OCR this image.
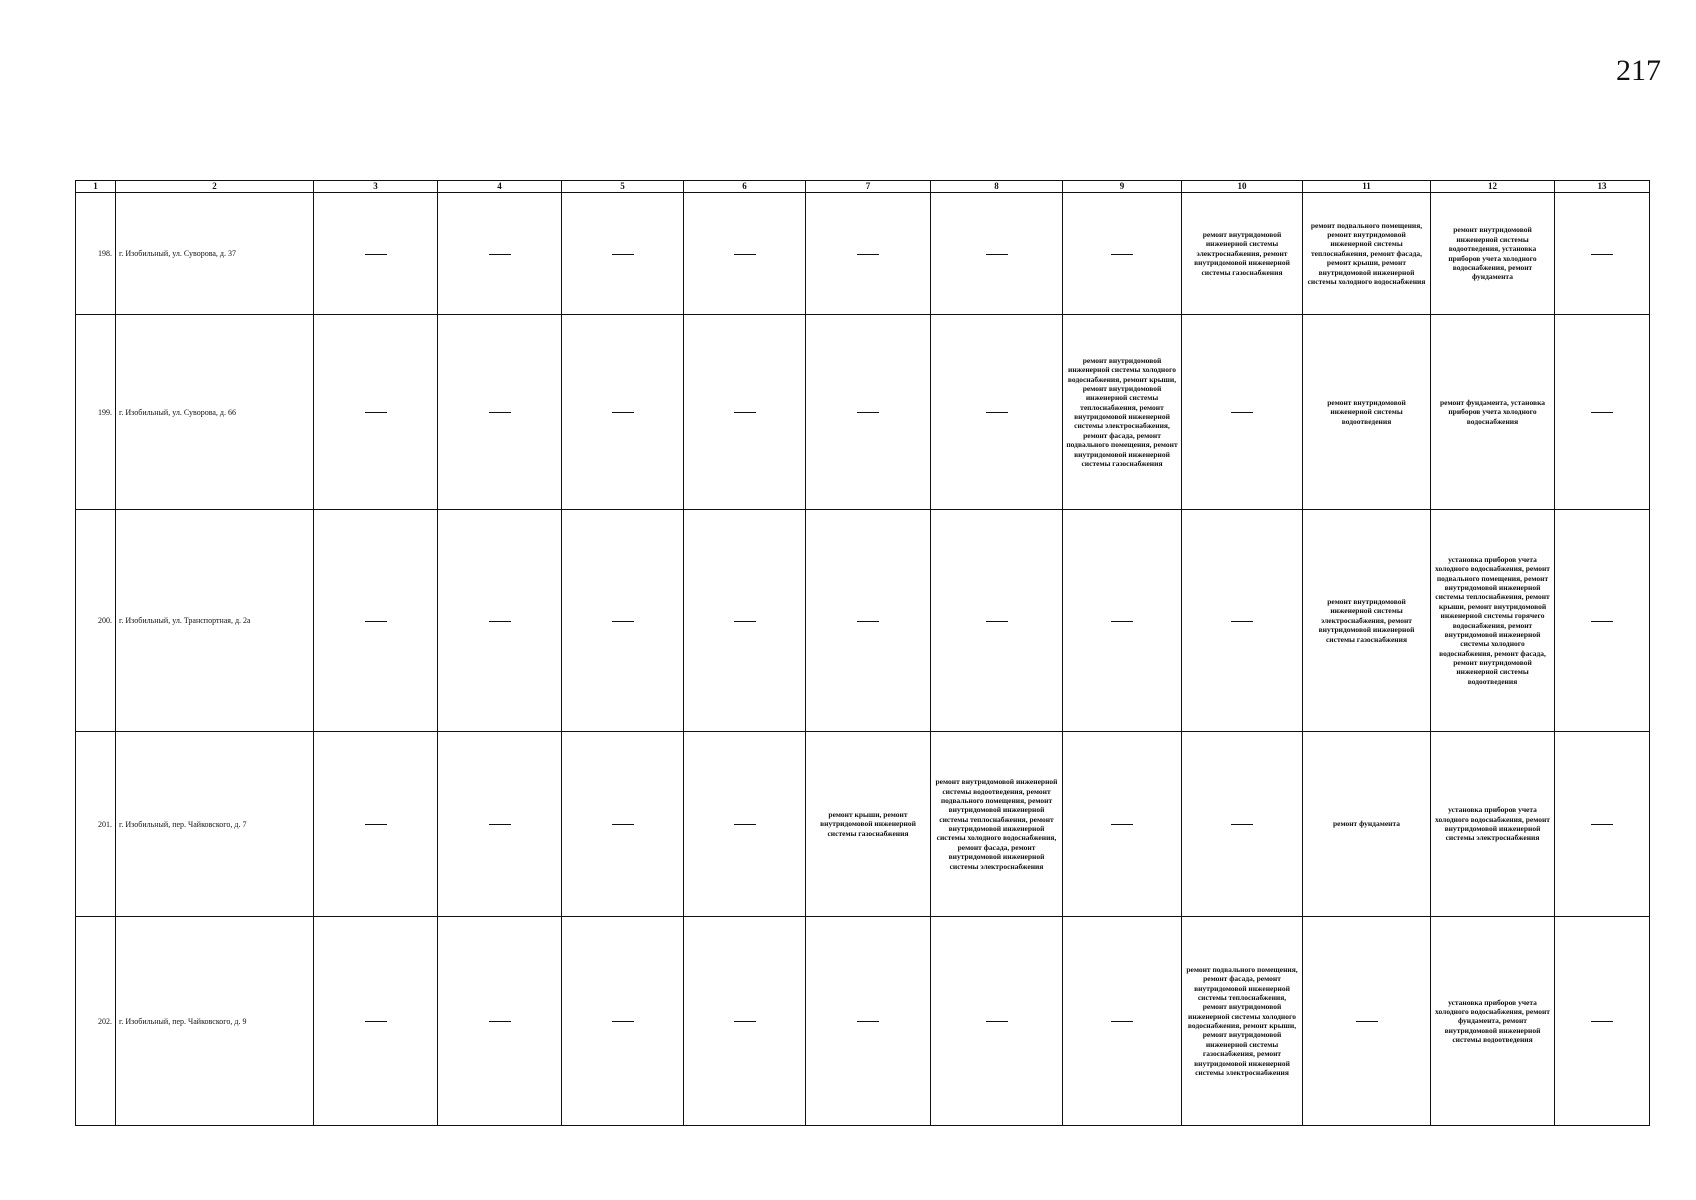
217
1	2	3	4	5	6	7	8	9	10	11	12	13
198.	г. Изобильный, ул. Суворова, д. 37								ремонт внутридомовой инженерной системы электроснабжения, ремонт внутридомовой инженерной системы газоснабжения	ремонт подвального помещения, ремонт внутридомовой инженерной системы теплоснабжения, ремонт фасада, ремонт крыши, ремонт внутридомовой инженерной системы холодного водоснабжения	ремонт внутридомовой инженерной системы водоотведения, установка приборов учета холодного водоснабжения, ремонт фундамента	
199.	г. Изобильный, ул. Суворова, д. 66							ремонт внутридомовой инженерной системы холодного водоснабжения, ремонт крыши, ремонт внутридомовой инженерной системы теплоснабжения, ремонт внутридомовой инженерной системы электроснабжения, ремонт фасада, ремонт подвального помещения, ремонт внутридомовой инженерной системы газоснабжения		ремонт внутридомовой инженерной системы водоотведения	ремонт фундамента, установка приборов учета холодного водоснабжения	
200.	г. Изобильный, ул. Транспортная, д. 2а									ремонт внутридомовой инженерной системы электроснабжения, ремонт внутридомовой инженерной системы газоснабжения	установка приборов учета холодного водоснабжения, ремонт подвального помещения, ремонт внутридомовой инженерной системы теплоснабжения, ремонт крыши, ремонт внутридомовой инженерной системы горячего водоснабжения, ремонт внутридомовой инженерной системы холодного водоснабжения, ремонт фасада, ремонт внутридомовой инженерной системы водоотведения	
201.	г. Изобильный, пер. Чайковского, д. 7					ремонт крыши, ремонт внутридомовой инженерной системы газоснабжения	ремонт внутридомовой инженерной системы водоотведения, ремонт подвального помещения, ремонт внутридомовой инженерной системы теплоснабжения, ремонт внутридомовой инженерной системы холодного водоснабжения, ремонт фасада, ремонт внутридомовой инженерной системы электроснабжения			ремонт фундамента	установка приборов учета холодного водоснабжения, ремонт внутридомовой инженерной системы электроснабжения	
202.	г. Изобильный, пер. Чайковского, д. 9								ремонт подвального помещения, ремонт фасада, ремонт внутридомовой инженерной системы теплоснабжения, ремонт внутридомовой инженерной системы холодного водоснабжения, ремонт крыши, ремонт внутридомовой инженерной системы газоснабжения, ремонт внутридомовой инженерной системы электроснабжения		установка приборов учета холодного водоснабжения, ремонт фундамента, ремонт внутридомовой инженерной системы водоотведения	
